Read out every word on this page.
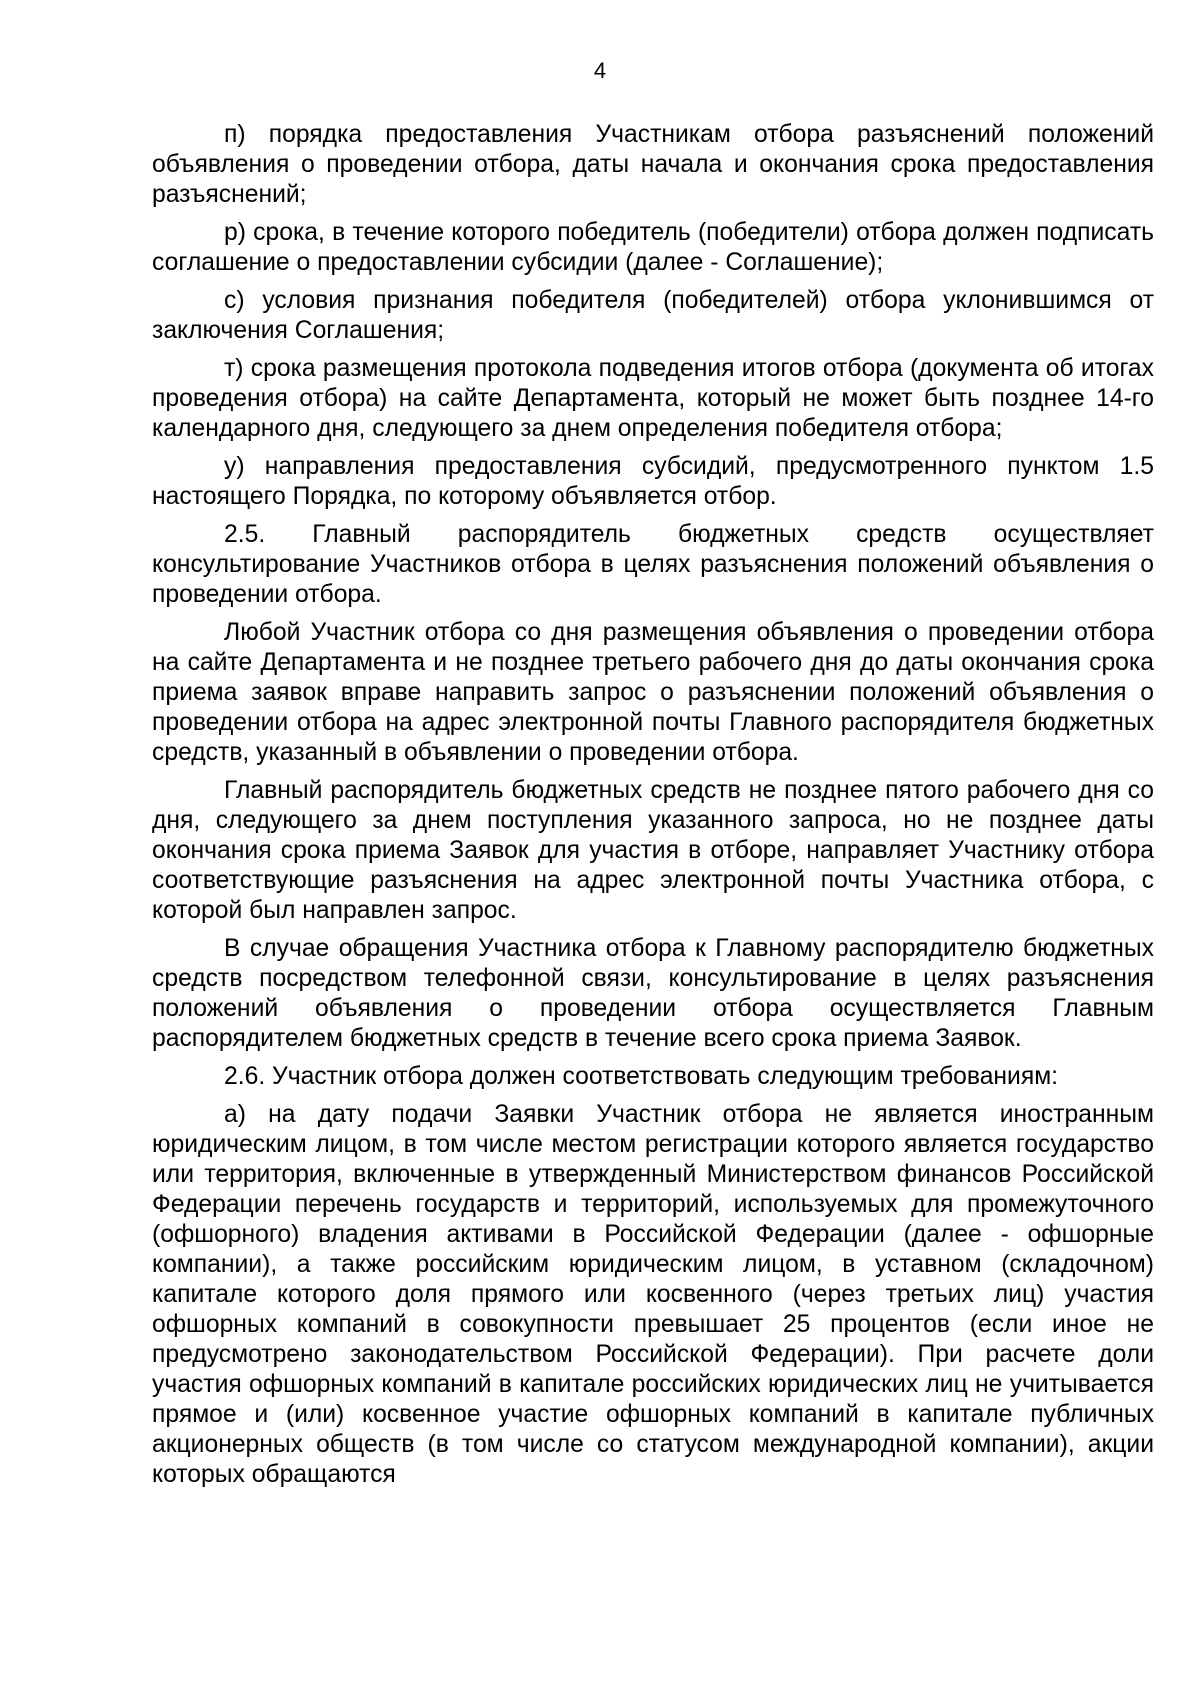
4

п) порядка предоставления Участникам отбора разъяснений положений объявления о проведении отбора, даты начала и окончания срока предоставления разъяснений;

р) срока, в течение которого победитель (победители) отбора должен подписать соглашение о предоставлении субсидии (далее - Соглашение);

с) условия признания победителя (победителей) отбора уклонившимся от заключения Соглашения;

т) срока размещения протокола подведения итогов отбора (документа об итогах проведения отбора) на сайте Департамента, который не может быть позднее 14-го календарного дня, следующего за днем определения победителя отбора;

у) направления предоставления субсидий, предусмотренного пунктом 1.5 настоящего Порядка, по которому объявляется отбор.

2.5. Главный распорядитель бюджетных средств осуществляет консультирование Участников отбора в целях разъяснения положений объявления о проведении отбора.

Любой Участник отбора со дня размещения объявления о проведении отбора на сайте Департамента и не позднее третьего рабочего дня до даты окончания срока приема заявок вправе направить запрос о разъяснении положений объявления о проведении отбора на адрес электронной почты Главного распорядителя бюджетных средств, указанный в объявлении о проведении отбора.

Главный распорядитель бюджетных средств не позднее пятого рабочего дня со дня, следующего за днем поступления указанного запроса, но не позднее даты окончания срока приема Заявок для участия в отборе, направляет Участнику отбора соответствующие разъяснения на адрес электронной почты Участника отбора, с которой был направлен запрос.

В случае обращения Участника отбора к Главному распорядителю бюджетных средств посредством телефонной связи, консультирование в целях разъяснения положений объявления о проведении отбора осуществляется Главным распорядителем бюджетных средств в течение всего срока приема Заявок.

2.6. Участник отбора должен соответствовать следующим требованиям:

а) на дату подачи Заявки Участник отбора не является иностранным юридическим лицом, в том числе местом регистрации которого является государство или территория, включенные в утвержденный Министерством финансов Российской Федерации перечень государств и территорий, используемых для промежуточного (офшорного) владения активами в Российской Федерации (далее - офшорные компании), а также российским юридическим лицом, в уставном (складочном) капитале которого доля прямого или косвенного (через третьих лиц) участия офшорных компаний в совокупности превышает 25 процентов (если иное не предусмотрено законодательством Российской Федерации). При расчете доли участия офшорных компаний в капитале российских юридических лиц не учитывается прямое и (или) косвенное участие офшорных компаний в капитале публичных акционерных обществ (в том числе со статусом международной компании), акции которых обращаются
